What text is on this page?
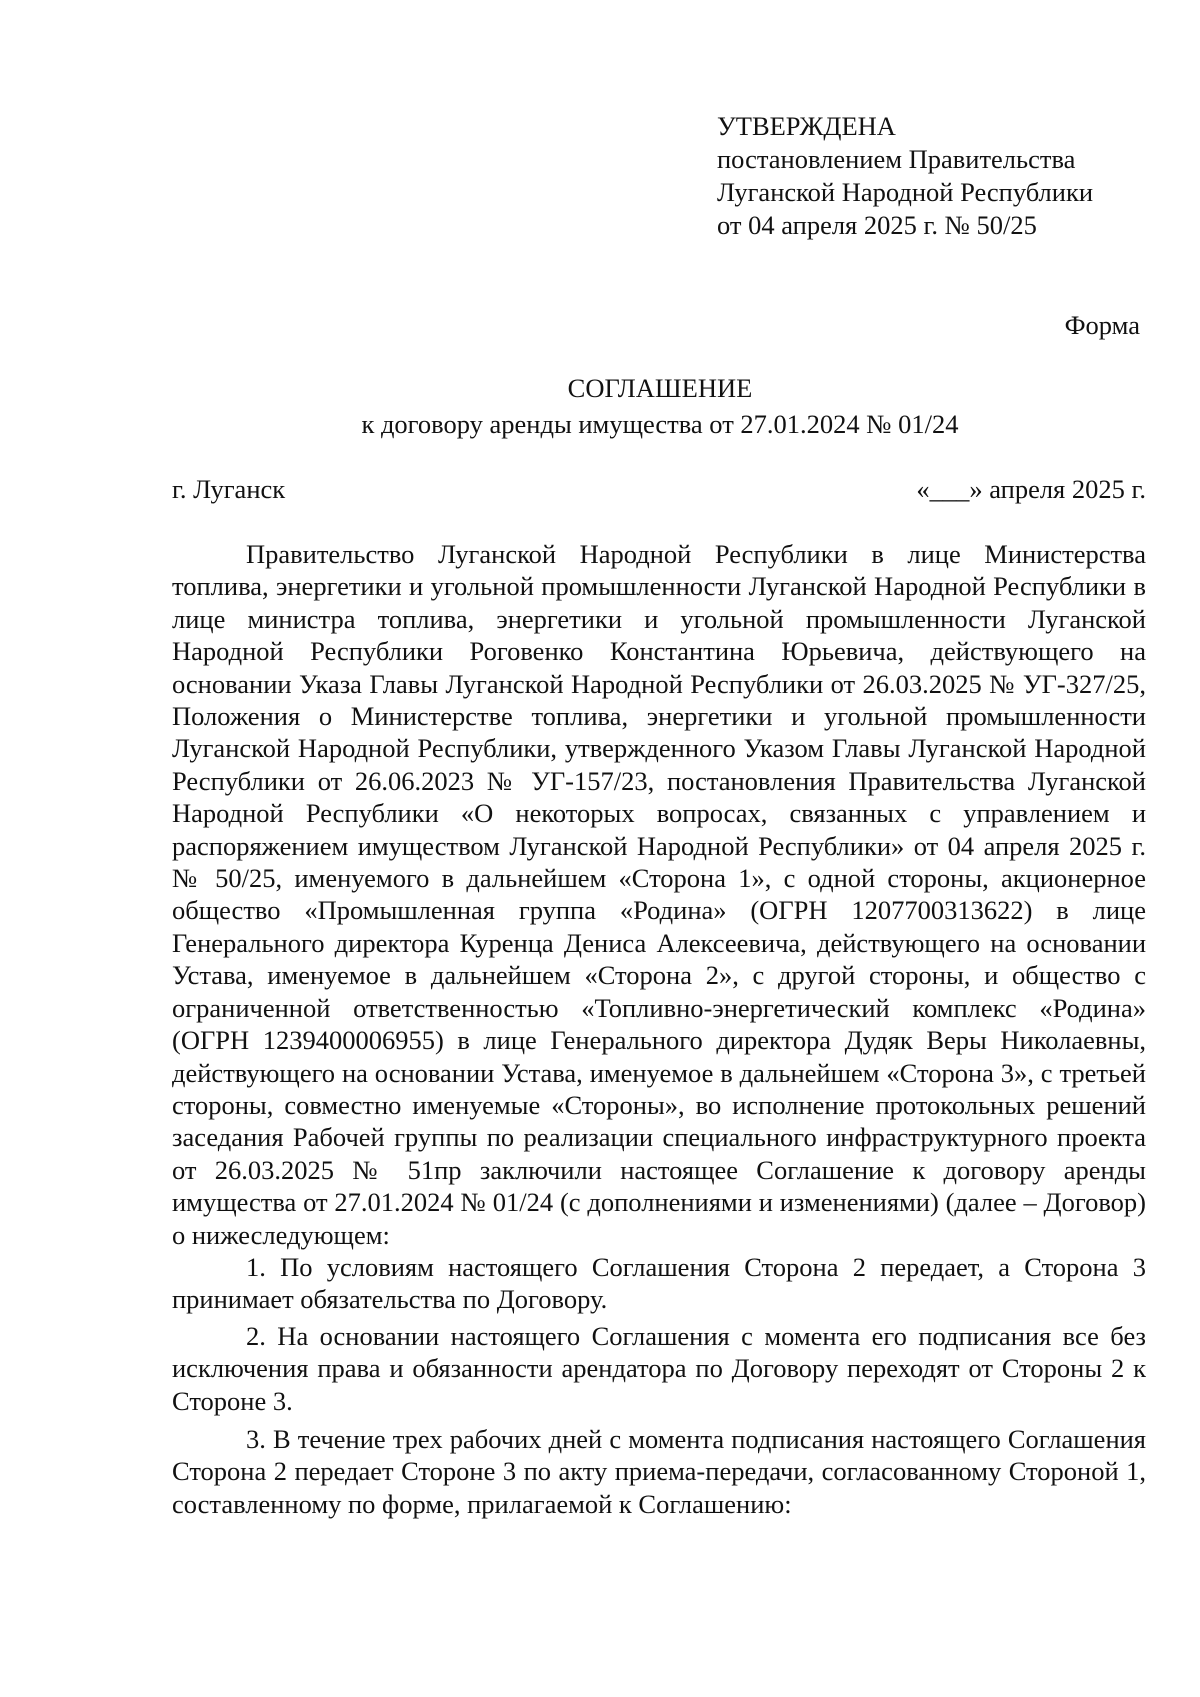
УТВЕРЖДЕНА
постановлением Правительства
Луганской Народной Республики
от 04 апреля 2025 г. № 50/25
Форма
СОГЛАШЕНИЕ
к договору аренды имущества от 27.01.2024 № 01/24
г. Луганск	«___» апреля 2025 г.

Правительство Луганской Народной Республики в лице Министерства топлива, энергетики и угольной промышленности Луганской Народной Республики в лице министра топлива, энергетики и угольной промышленности Луганской Народной Республики Роговенко Константина Юрьевича, действующего на основании Указа Главы Луганской Народной Республики от 26.03.2025 № УГ-327/25, Положения о Министерстве топлива, энергетики и угольной промышленности Луганской Народной Республики, утвержденного Указом Главы Луганской Народной Республики от 26.06.2023 № УГ-157/23, постановления Правительства Луганской Народной Республики «О некоторых вопросах, связанных с управлением и распоряжением имуществом Луганской Народной Республики» от 04 апреля 2025 г. № 50/25, именуемого в дальнейшем «Сторона 1», с одной стороны, акционерное общество «Промышленная группа «Родина» (ОГРН 1207700313622) в лице Генерального директора Куренца Дениса Алексеевича, действующего на основании Устава, именуемое в дальнейшем «Сторона 2», с другой стороны, и общество с ограниченной ответственностью «Топливно-энергетический комплекс «Родина» (ОГРН 1239400006955) в лице Генерального директора Дудяк Веры Николаевны, действующего на основании Устава, именуемое в дальнейшем «Сторона 3», с третьей стороны, совместно именуемые «Стороны», во исполнение протокольных решений заседания Рабочей группы по реализации специального инфраструктурного проекта от 26.03.2025 № 51пр заключили настоящее Соглашение к договору аренды имущества от 27.01.2024 № 01/24 (с дополнениями и изменениями) (далее – Договор) о нижеследующем:

1. По условиям настоящего Соглашения Сторона 2 передает, а Сторона 3 принимает обязательства по Договору.

2. На основании настоящего Соглашения с момента его подписания все без исключения права и обязанности арендатора по Договору переходят от Стороны 2 к Стороне 3.

3. В течение трех рабочих дней с момента подписания настоящего Соглашения Сторона 2 передает Стороне 3 по акту приема-передачи, согласованному Стороной 1, составленному по форме, прилагаемой к Соглашению:
